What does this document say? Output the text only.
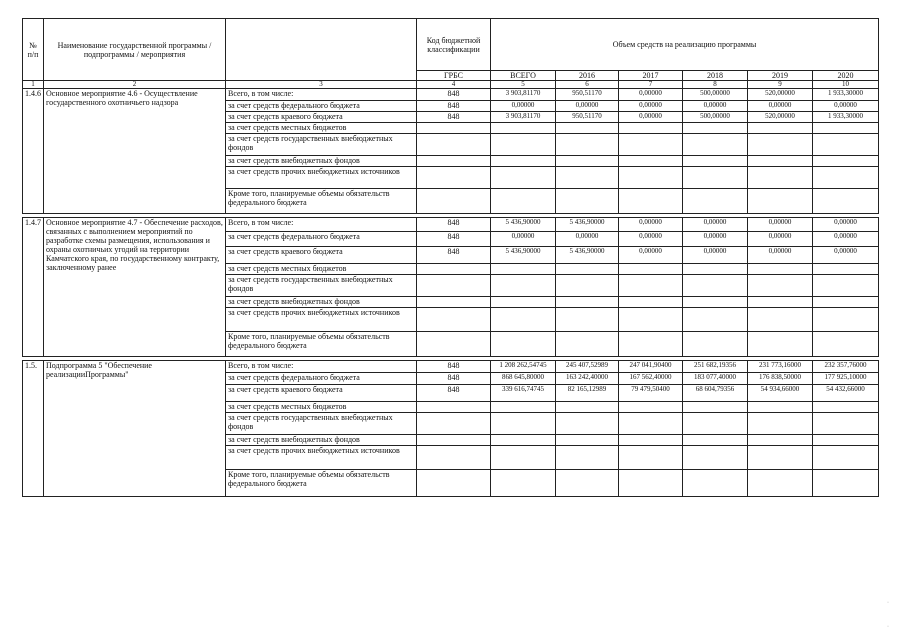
№ п/п	Наименование государственной программы / подпрограммы / мероприятия		Код бюджетной классификации	Объем средств на реализацию программы					
			ГРБС	ВСЕГО	2016	2017	2018	2019	2020
1	2	3	4	5	6	7	8	9	10
1.4.6	Основное мероприятие 4.6 - Осуществление государственного охотничьего надзора	Всего, в том числе:	848	3 903,81170	950,51170	0,00000	500,00000	520,00000	1 933,30000
		за счет средств федерального бюджета	848	0,00000	0,00000	0,00000	0,00000	0,00000	0,00000
		за счет средств краевого бюджета	848	3 903,81170	950,51170	0,00000	500,00000	520,00000	1 933,30000
		за счет средств местных бюджетов							
		за счет средств государственных внебюджетных фондов							
		за счет средств внебюджетных фондов							
		за счет средств прочих внебюджетных источников							
		Кроме того, планируемые объемы обязательств федерального бюджета							

1.4.7	Основное мероприятие 4.7 - Обеспечение расходов, связанных с выполнением мероприятий по разработке схемы размещения, использования и охраны охотничьих угодий на территории Камчатского края, по государственному контракту, заключенному ранее	Всего, в том числе:	848	5 436,90000	5 436,90000	0,00000	0,00000	0,00000	0,00000
		за счет средств федерального бюджета	848	0,00000	0,00000	0,00000	0,00000	0,00000	0,00000
		за счет средств краевого бюджета	848	5 436,90000	5 436,90000	0,00000	0,00000	0,00000	0,00000
		за счет средств местных бюджетов							
		за счет средств государственных внебюджетных фондов							
		за счет средств внебюджетных фондов							
		за счет средств прочих внебюджетных источников							
		Кроме того, планируемые объемы обязательств федерального бюджета							

1.5.	Подпрограмма 5 "Обеспечение реализацииПрограммы"	Всего, в том числе:	848	1 208 262,54745	245 407,52989	247 041,90400	251 682,19356	231 773,16000	232 357,76000
		за счет средств федерального бюджета	848	868 645,80000	163 242,40000	167 562,40000	183 077,40000	176 838,50000	177 925,10000
		за счет средств краевого бюджета	848	339 616,74745	82 165,12989	79 479,50400	68 604,79356	54 934,66000	54 432,66000
		за счет средств местных бюджетов							
		за счет средств государственных внебюджетных фондов							
		за счет средств внебюджетных фондов							
		за счет средств прочих внебюджетных источников							
		Кроме того, планируемые объемы обязательств федерального бюджета							
·
·
